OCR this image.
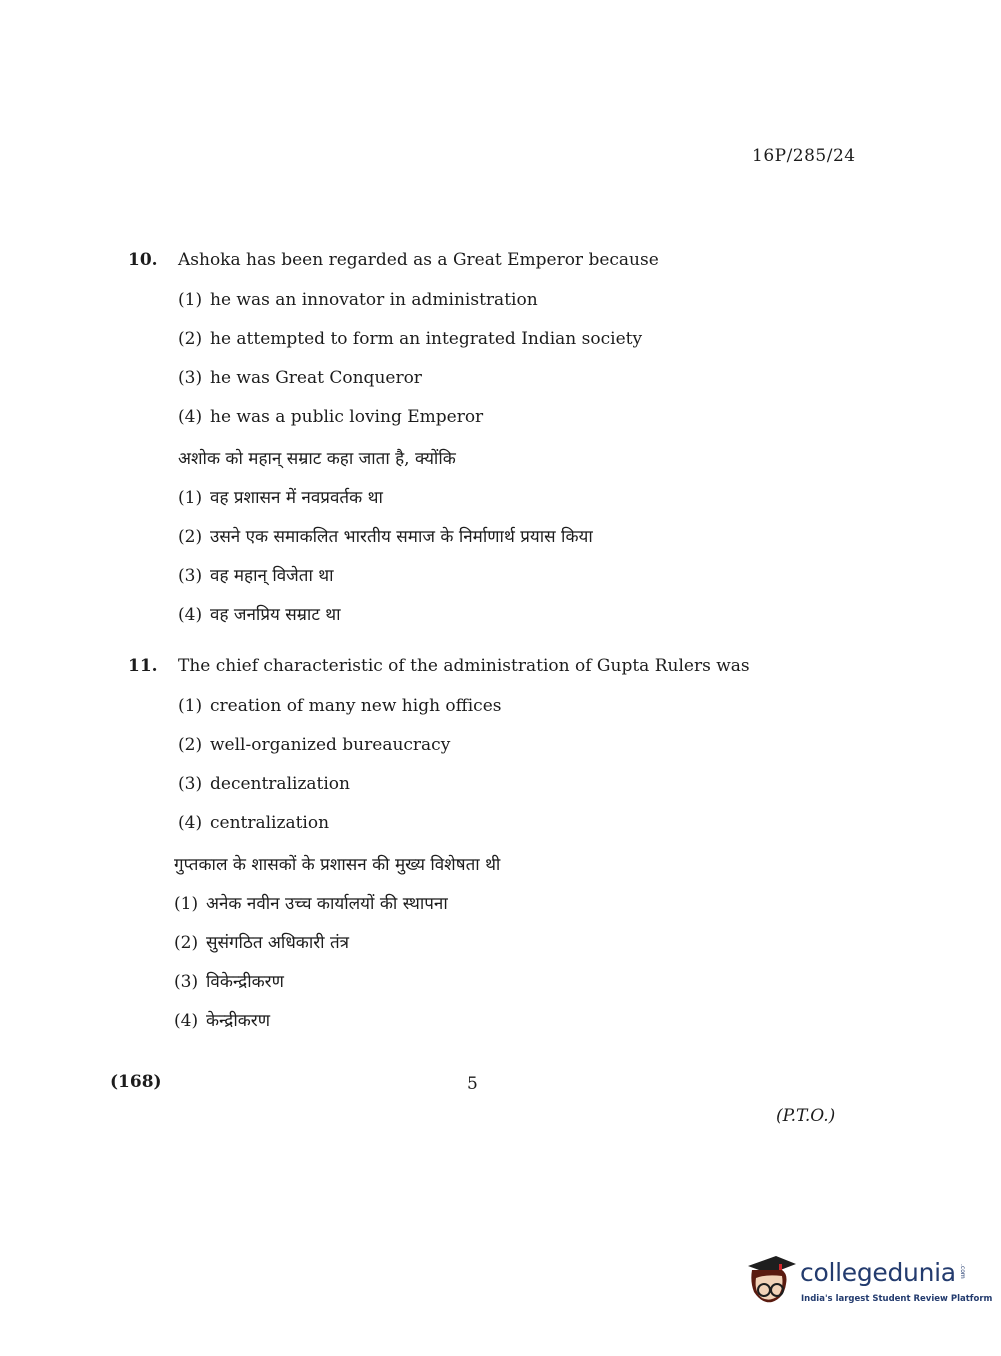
16P/285/24
10.	Ashoka has been regarded as a Great Emperor because
(1) he was an innovator in administration
(2) he attempted to form an integrated Indian society
(3) he was Great Conqueror
(4) he was a public loving Emperor
अशोक को महान् सम्राट कहा जाता है, क्योंकि
(1) वह प्रशासन में नवप्रवर्तक था
(2) उसने एक समाकलित भारतीय समाज के निर्माणार्थ प्रयास किया
(3) वह महान् विजेता था
(4) वह जनप्रिय सम्राट था
11.	The chief characteristic of the administration of Gupta Rulers was
(1) creation of many new high offices
(2) well-organized bureaucracy
(3) decentralization
(4) centralization
गुप्तकाल के शासकों के प्रशासन की मुख्य विशेषता थी
(1) अनेक नवीन उच्च कार्यालयों की स्थापना
(2) सुसंगठित अधिकारी तंत्र
(3) विकेन्द्रीकरण
(4) केन्द्रीकरण
(168)	5
(P.T.O.)
collegedunia .com
India's largest Student Review Platform
